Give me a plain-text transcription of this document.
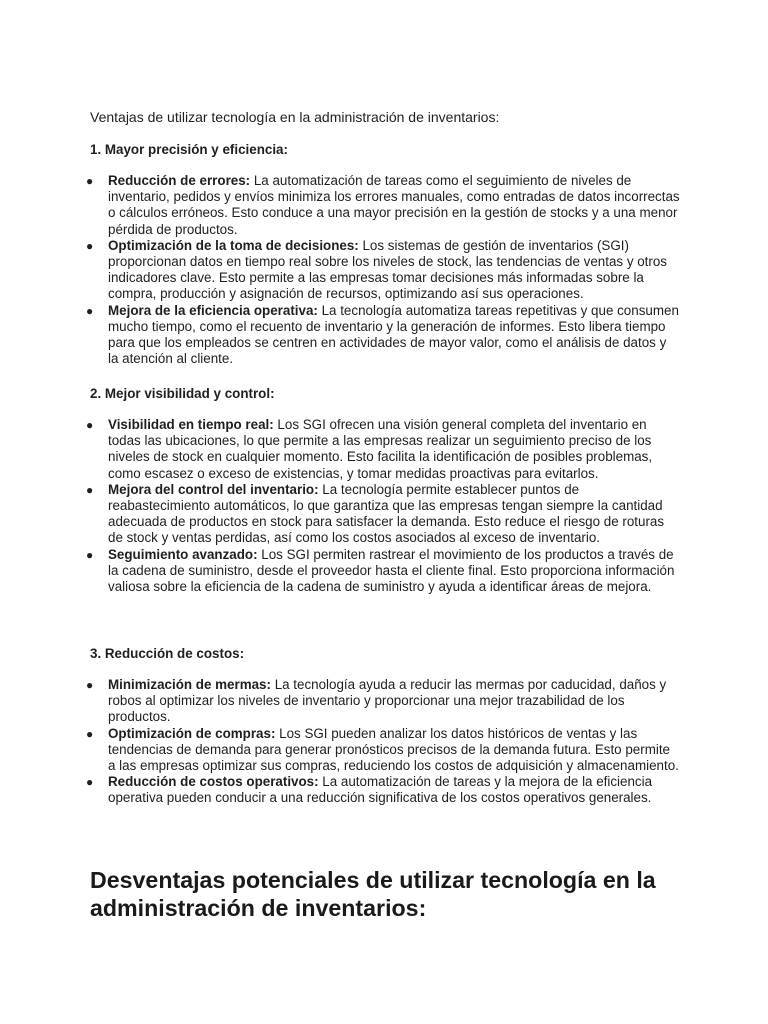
Ventajas de utilizar tecnología en la administración de inventarios:

1. Mayor precisión y eficiencia:

● Reducción de errores: La automatización de tareas como el seguimiento de niveles de inventario, pedidos y envíos minimiza los errores manuales, como entradas de datos incorrectas o cálculos erróneos. Esto conduce a una mayor precisión en la gestión de stocks y a una menor pérdida de productos.
● Optimización de la toma de decisiones: Los sistemas de gestión de inventarios (SGI) proporcionan datos en tiempo real sobre los niveles de stock, las tendencias de ventas y otros indicadores clave. Esto permite a las empresas tomar decisiones más informadas sobre la compra, producción y asignación de recursos, optimizando así sus operaciones.
● Mejora de la eficiencia operativa: La tecnología automatiza tareas repetitivas y que consumen mucho tiempo, como el recuento de inventario y la generación de informes. Esto libera tiempo para que los empleados se centren en actividades de mayor valor, como el análisis de datos y la atención al cliente.

2. Mejor visibilidad y control:

● Visibilidad en tiempo real: Los SGI ofrecen una visión general completa del inventario en todas las ubicaciones, lo que permite a las empresas realizar un seguimiento preciso de los niveles de stock en cualquier momento. Esto facilita la identificación de posibles problemas, como escasez o exceso de existencias, y tomar medidas proactivas para evitarlos.
● Mejora del control del inventario: La tecnología permite establecer puntos de reabastecimiento automáticos, lo que garantiza que las empresas tengan siempre la cantidad adecuada de productos en stock para satisfacer la demanda. Esto reduce el riesgo de roturas de stock y ventas perdidas, así como los costos asociados al exceso de inventario.
● Seguimiento avanzado: Los SGI permiten rastrear el movimiento de los productos a través de la cadena de suministro, desde el proveedor hasta el cliente final. Esto proporciona información valiosa sobre la eficiencia de la cadena de suministro y ayuda a identificar áreas de mejora.

3. Reducción de costos:

● Minimización de mermas: La tecnología ayuda a reducir las mermas por caducidad, daños y robos al optimizar los niveles de inventario y proporcionar una mejor trazabilidad de los productos.
● Optimización de compras: Los SGI pueden analizar los datos históricos de ventas y las tendencias de demanda para generar pronósticos precisos de la demanda futura. Esto permite a las empresas optimizar sus compras, reduciendo los costos de adquisición y almacenamiento.
● Reducción de costos operativos: La automatización de tareas y la mejora de la eficiencia operativa pueden conducir a una reducción significativa de los costos operativos generales.
Desventajas potenciales de utilizar tecnología en la administración de inventarios:
